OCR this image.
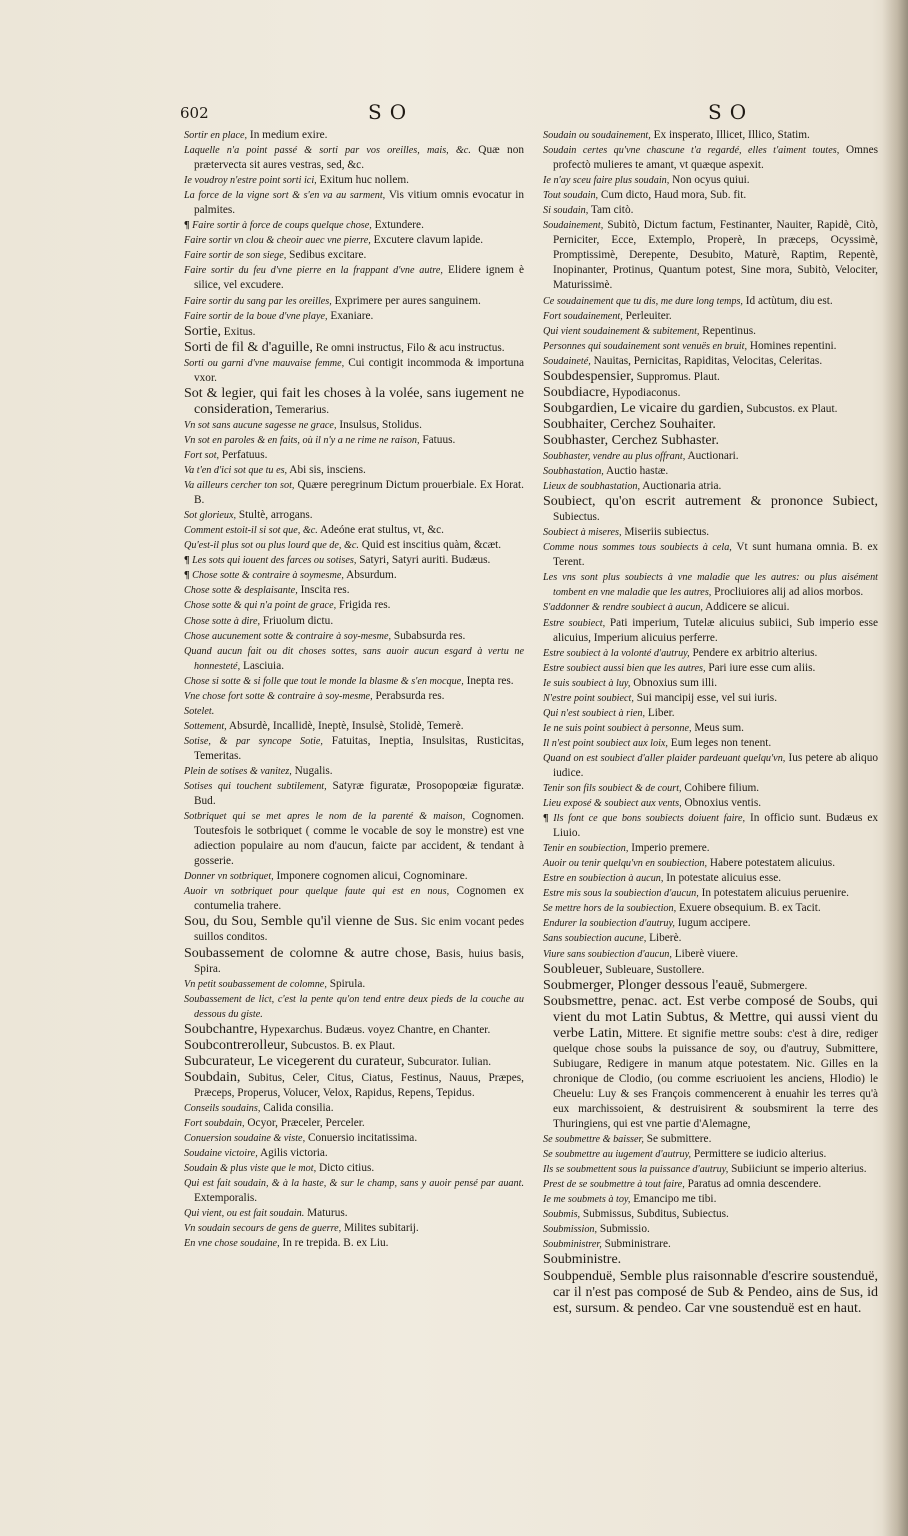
602	SO	SO

Sortir en place, In medium exire.

Laquelle n'a point passé & sorti par vos oreilles, mais, &c. Quæ non prætervecta sit aures vestras, sed, &c.

Ie voudroy n'estre point sorti ici, Exitum huc nollem.

La force de la vigne sort & s'en va au sarment, Vis vitium omnis evocatur in palmites.

¶ Faire sortir à force de coups quelque chose, Extundere.

Faire sortir vn clou & cheoir auec vne pierre, Excutere clavum lapide.

Faire sortir de son siege, Sedibus excitare.

Faire sortir du feu d'vne pierre en la frappant d'vne autre, Elidere ignem è silice, vel excudere.

Faire sortir du sang par les oreilles, Exprimere per aures sanguinem.

Faire sortir de la boue d'vne playe, Exaniare.

Sortie, Exitus.

Sorti de fil & d'aguille, Re omni instructus, Filo & acu instructus.

Sorti ou garni d'vne mauvaise femme, Cui contigit incommoda & importuna vxor.

Sot & legier, qui fait les choses à la volée, sans iugement ne consideration, Temerarius.

Vn sot sans aucune sagesse ne grace, Insulsus, Stolidus.

Vn sot en paroles & en faits, où il n'y a ne rime ne raison, Fatuus.

Fort sot, Perfatuus.

Va t'en d'ici sot que tu es, Abi sis, insciens.

Va ailleurs cercher ton sot, Quære peregrinum Dictum prouerbiale. Ex Horat. B.

Sot glorieux, Stultè, arrogans.

Comment estoit-il si sot que, &c. Adeóne erat stultus, vt, &c.

Qu'est-il plus sot ou plus lourd que de, &c. Quid est inscitius quàm, &cæt.

¶ Les sots qui iouent des farces ou sotises, Satyri, Satyri auriti. Budæus.

¶ Chose sotte & contraire à soymesme, Absurdum.

Chose sotte & desplaisante, Inscita res.

Chose sotte & qui n'a point de grace, Frigida res.

Chose sotte à dire, Friuolum dictu.

Chose aucunement sotte & contraire à soy-mesme, Subabsurda res.

Quand aucun fait ou dit choses sottes, sans auoir aucun esgard à vertu ne honnesteté, Lasciuia.

Chose si sotte & si folle que tout le monde la blasme & s'en mocque, Inepta res.

Vne chose fort sotte & contraire à soy-mesme, Perabsurda res.

Sotelet.

Sottement, Absurdè, Incallidè, Ineptè, Insulsè, Stolidè, Temerè.

Sotise, & par syncope Sotie, Fatuitas, Ineptia, Insulsitas, Rusticitas, Temeritas.

Plein de sotises & vanitez, Nugalis.

Sotises qui touchent subtilement, Satyræ figuratæ, Prosopopœiæ figuratæ. Bud.

Sotbriquet qui se met apres le nom de la parenté & maison, Cognomen. Toutesfois le sotbriquet ( comme le vocable de soy le monstre) est vne adiection populaire au nom d'aucun, faicte par accident, & tendant à gosserie.

Donner vn sotbriquet, Imponere cognomen alicui, Cognominare.

Auoir vn sotbriquet pour quelque faute qui est en nous, Cognomen ex contumelia trahere.

Sou, du Sou, Semble qu'il vienne de Sus. Sic enim vocant pedes suillos conditos.

Soubassement de colomne & autre chose, Basis, huius basis, Spira.

Vn petit soubassement de colomne, Spirula.

Soubassement de lict, c'est la pente qu'on tend entre deux pieds de la couche au dessous du giste.

Soubchantre, Hypexarchus. Budæus. voyez Chantre, en Chanter.

Soubcontrerolleur, Subcustos. B. ex Plaut.

Subcurateur, Le vicegerent du curateur, Subcurator. Iulian.

Soubdain, Subitus, Celer, Citus, Ciatus, Festinus, Nauus, Præpes, Præceps, Properus, Volucer, Velox, Rapidus, Repens, Tepidus.

Conseils soudains, Calida consilia.

Fort soubdain, Ocyor, Præceler, Perceler.

Conuersion soudaine & viste, Conuersio incitatissima.

Soudaine victoire, Agilis victoria.

Soudain & plus viste que le mot, Dicto citius.

Qui est fait soudain, & à la haste, & sur le champ, sans y auoir pensé par auant. Extemporalis.

Qui vient, ou est fait soudain. Maturus.

Vn soudain secours de gens de guerre, Milites subitarij.

En vne chose soudaine, In re trepida. B. ex Liu.

Soudain ou soudainement, Ex insperato, Illicet, Illico, Statim.

Soudain certes qu'vne chascune t'a regardé, elles t'aiment toutes, Omnes profectò mulieres te amant, vt quæque aspexit.

Ie n'ay sceu faire plus soudain, Non ocyus quiui.

Tout soudain, Cum dicto, Haud mora, Sub. fit.

Si soudain, Tam citò.

Soudainement, Subitò, Dictum factum, Festinanter, Nauiter, Rapidè, Citò, Perniciter, Ecce, Extemplo, Properè, In præceps, Ocyssimè, Promptissimè, Derepente, Desubito, Maturè, Raptim, Repentè, Inopinanter, Protinus, Quantum potest, Sine mora, Subitò, Velociter, Maturissimè.

Ce soudainement que tu dis, me dure long temps, Id actùtum, diu est.

Fort soudainement, Perleuiter.

Qui vient soudainement & subitement, Repentinus.

Personnes qui soudainement sont venuës en bruit, Homines repentini.

Soudaineté, Nauitas, Pernicitas, Rapiditas, Velocitas, Celeritas.

Soubdespensier, Suppromus. Plaut.

Soubdiacre, Hypodiaconus.

Soubgardien, Le vicaire du gardien, Subcustos. ex Plaut.

Soubhaiter, Cerchez Souhaiter.

Soubhaster, Cerchez Subhaster.

Soubhaster, vendre au plus offrant, Auctionari.

Soubhastation, Auctio hastæ.

Lieux de soubhastation, Auctionaria atria.

Soubiect, qu'on escrit autrement & prononce Subiect, Subiectus.

Soubiect à miseres, Miseriis subiectus.

Comme nous sommes tous soubiects à cela, Vt sunt humana omnia. B. ex Terent.

Les vns sont plus soubiects à vne maladie que les autres: ou plus aisément tombent en vne maladie que les autres, Procliuiores alij ad alios morbos.

S'addonner & rendre soubiect à aucun, Addicere se alicui.

Estre soubiect, Pati imperium, Tutelæ alicuius subiici, Sub imperio esse alicuius, Imperium alicuius perferre.

Estre soubiect à la volonté d'autruy, Pendere ex arbitrio alterius.

Estre soubiect aussi bien que les autres, Pari iure esse cum aliis.

Ie suis soubiect à luy, Obnoxius sum illi.

N'estre point soubiect, Sui mancipij esse, vel sui iuris.

Qui n'est soubiect à rien, Liber.

Ie ne suis point soubiect à personne, Meus sum.

Il n'est point soubiect aux loix, Eum leges non tenent.

Quand on est soubiect d'aller plaider pardeuant quelqu'vn, Ius petere ab aliquo iudice.

Tenir son fils soubiect & de court, Cohibere filium.

Lieu exposé & soubiect aux vents, Obnoxius ventis.

¶ Ils font ce que bons soubiects doiuent faire, In officio sunt. Budæus ex Liuio.

Tenir en soubiection, Imperio premere.

Auoir ou tenir quelqu'vn en soubiection, Habere potestatem alicuius.

Estre en soubiection à aucun, In potestate alicuius esse.

Estre mis sous la soubiection d'aucun, In potestatem alicuius peruenire.

Se mettre hors de la soubiection, Exuere obsequium. B. ex Tacit.

Endurer la soubiection d'autruy, Iugum accipere.

Sans soubiection aucune, Liberè.

Viure sans soubiection d'aucun, Liberè viuere.

Soubleuer, Subleuare, Sustollere.

Soubmerger, Plonger dessous l'eauë, Submergere.

Soubsmettre, penac. act. Est verbe composé de Soubs, qui vient du mot Latin Subtus, & Mettre, qui aussi vient du verbe Latin, Mittere. Et signifie mettre soubs: c'est à dire, rediger quelque chose soubs la puissance de soy, ou d'autruy, Submittere, Subiugare, Redigere in manum atque potestatem. Nic. Gilles en la chronique de Clodio, (ou comme escriuoient les anciens, Hlodio) le Cheuelu: Luy & ses François commencerent à enuahir les terres qu'à eux marchissoient, & destruisirent & soubsmirent la terre des Thuringiens, qui est vne partie d'Alemagne,

Se soubmettre & baisser, Se submittere.

Se soubmettre au iugement d'autruy, Permittere se iudicio alterius.

Ils se soubmettent sous la puissance d'autruy, Subiiciunt se imperio alterius.

Prest de se soubmettre à tout faire, Paratus ad omnia descendere.

Ie me soubmets à toy, Emancipo me tibi.

Soubmis, Submissus, Subditus, Subiectus.

Soubmission, Submissio.

Soubministrer, Subministrare.

Soubministre.

Soubpenduë, Semble plus raisonnable d'escrire soustenduë, car il n'est pas composé de Sub & Pendeo, ains de Sus, id est, sursum. & pendeo. Car vne soustenduë est en haut.
